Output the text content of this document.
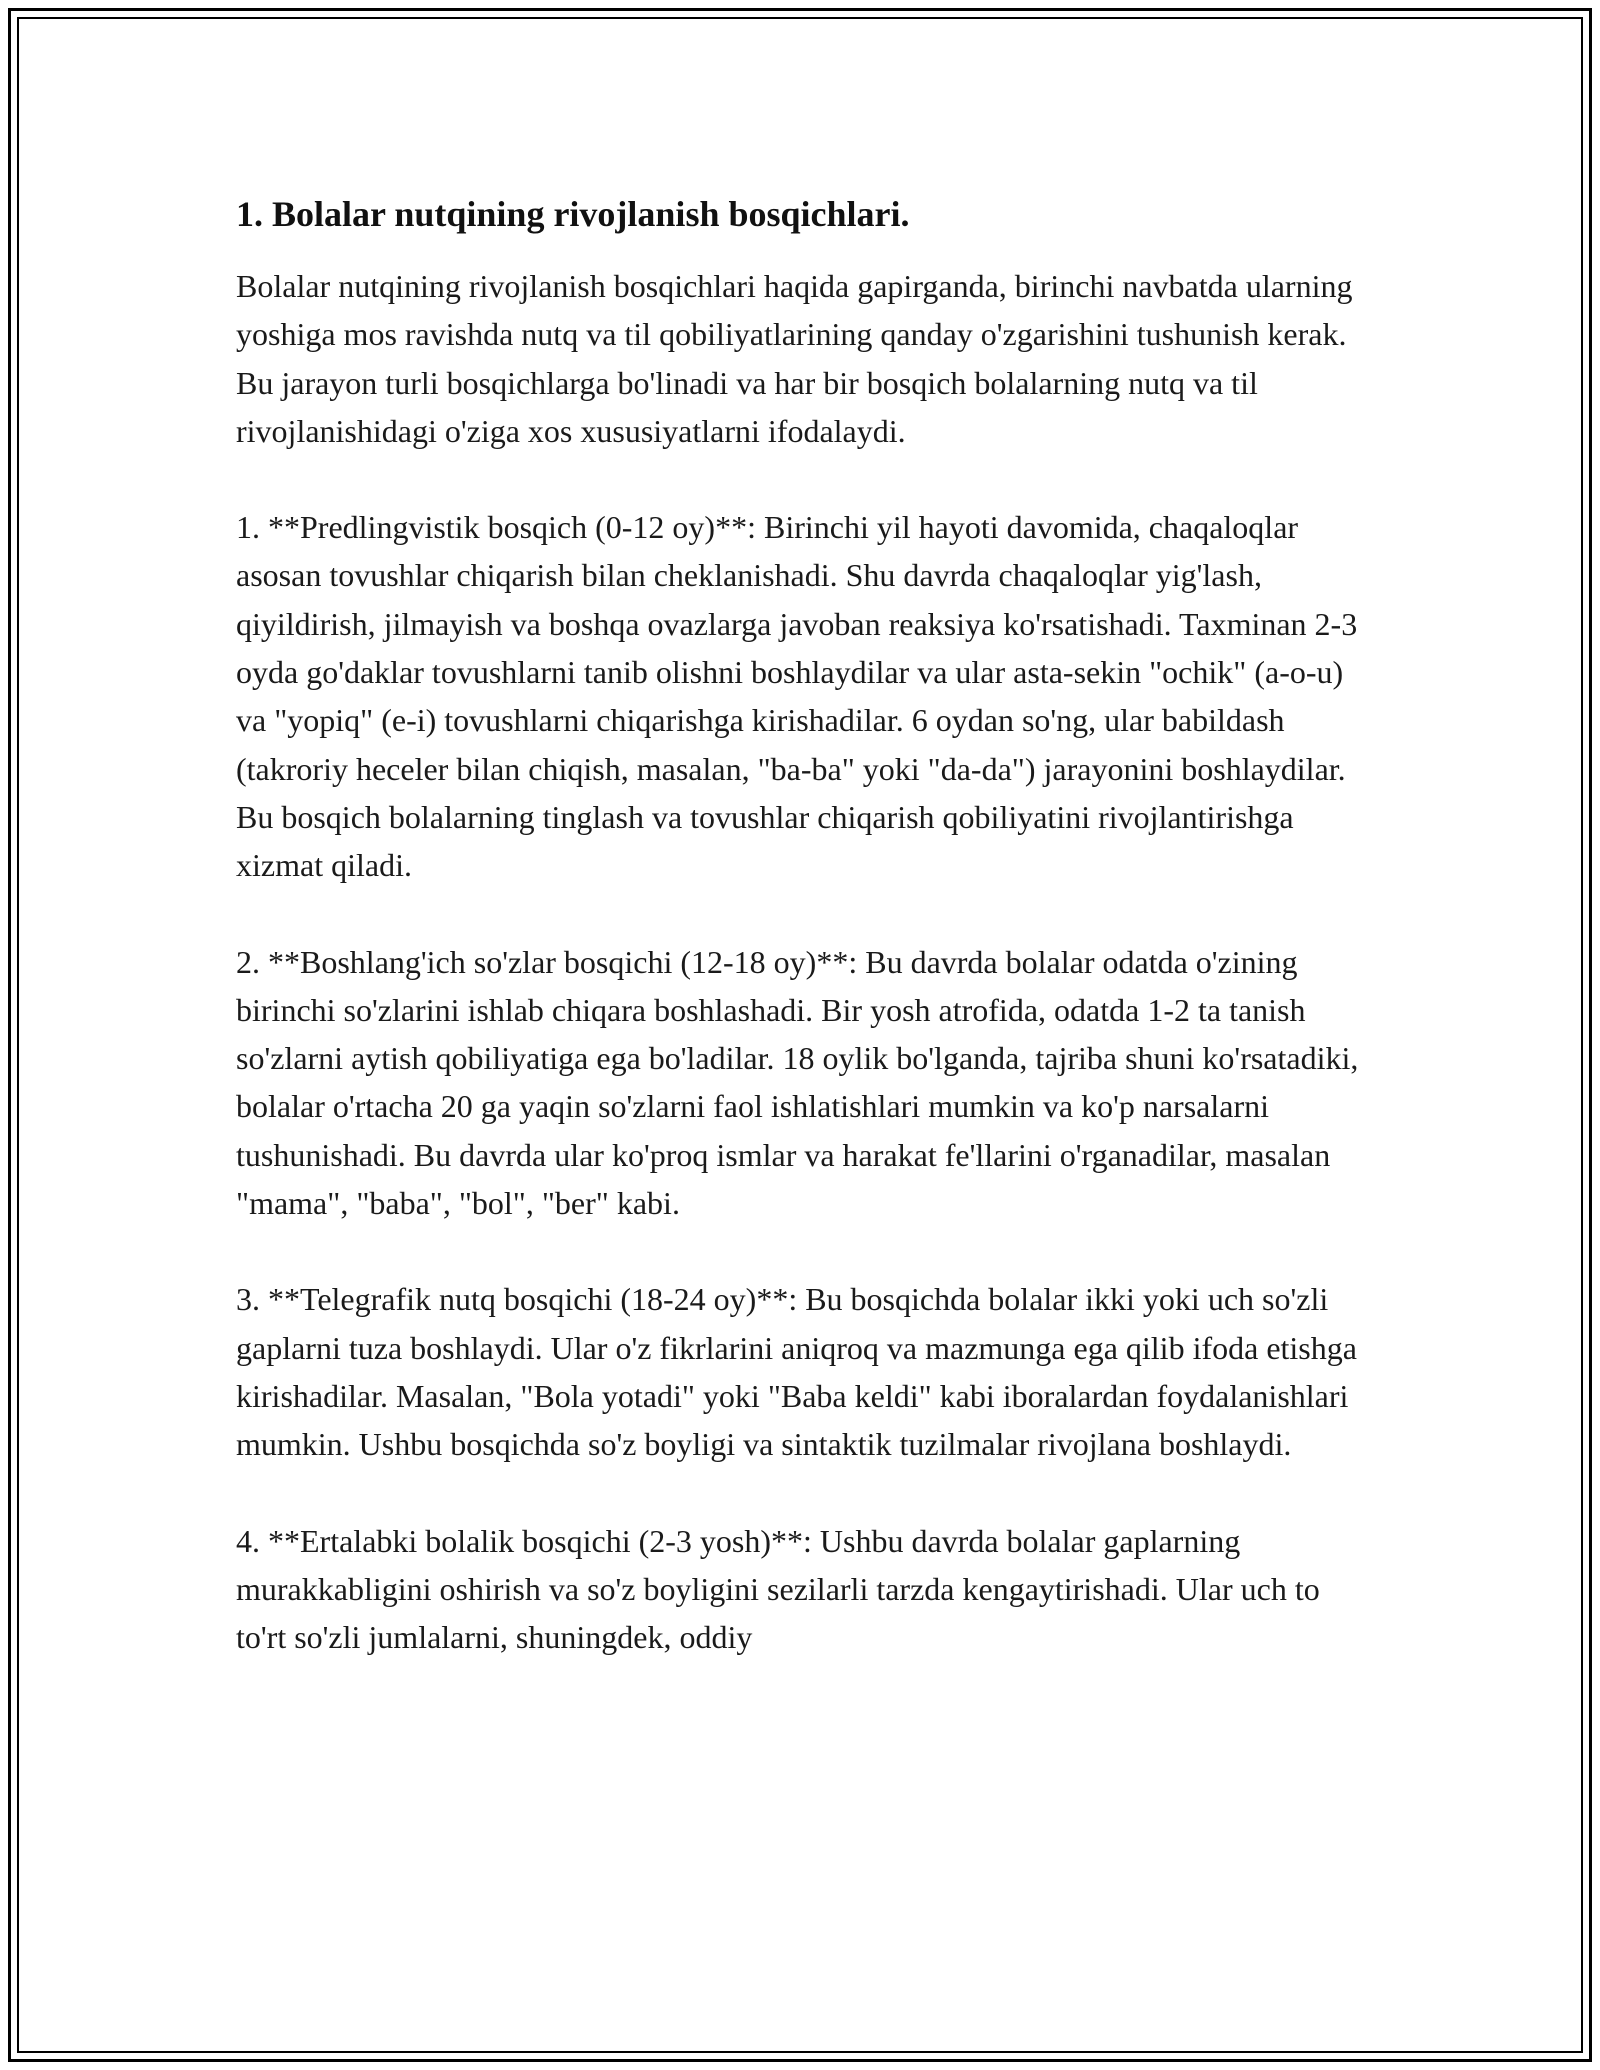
1. Bolalar nutqining rivojlanish bosqichlari.

Bolalar nutqining rivojlanish bosqichlari haqida gapirganda, birinchi navbatda ularning yoshiga mos ravishda nutq va til qobiliyatlarining qanday o'zgarishini tushunish kerak. Bu jarayon turli bosqichlarga bo'linadi va har bir bosqich bolalarning nutq va til rivojlanishidagi o'ziga xos xususiyatlarni ifodalaydi.

1. **Predlingvistik bosqich (0-12 oy)**: Birinchi yil hayoti davomida, chaqaloqlar asosan tovushlar chiqarish bilan cheklanishadi. Shu davrda chaqaloqlar yig'lash, qiyildirish, jilmayish va boshqa ovazlarga javoban reaksiya ko'rsatishadi. Taxminan 2-3 oyda go'daklar tovushlarni tanib olishni boshlaydilar va ular asta-sekin "ochik" (a-o-u) va "yopiq" (e-i) tovushlarni chiqarishga kirishadilar. 6 oydan so'ng, ular babildash (takroriy heceler bilan chiqish, masalan, "ba-ba" yoki "da-da") jarayonini boshlaydilar. Bu bosqich bolalarning tinglash va tovushlar chiqarish qobiliyatini rivojlantirishga xizmat qiladi.

2. **Boshlang'ich so'zlar bosqichi (12-18 oy)**: Bu davrda bolalar odatda o'zining birinchi so'zlarini ishlab chiqara boshlashadi. Bir yosh atrofida, odatda 1-2 ta tanish so'zlarni aytish qobiliyatiga ega bo'ladilar. 18 oylik bo'lganda, tajriba shuni ko'rsatadiki, bolalar o'rtacha 20 ga yaqin so'zlarni faol ishlatishlari mumkin va ko'p narsalarni tushunishadi. Bu davrda ular ko'proq ismlar va harakat fe'llarini o'rganadilar, masalan "mama", "baba", "bol", "ber" kabi.

3. **Telegrafik nutq bosqichi (18-24 oy)**: Bu bosqichda bolalar ikki yoki uch so'zli gaplarni tuza boshlaydi. Ular o'z fikrlarini aniqroq va mazmunga ega qilib ifoda etishga kirishadilar. Masalan, "Bola yotadi" yoki "Baba keldi" kabi iboralardan foydalanishlari mumkin. Ushbu bosqichda so'z boyligi va sintaktik tuzilmalar rivojlana boshlaydi.

4. **Ertalabki bolalik bosqichi (2-3 yosh)**: Ushbu davrda bolalar gaplarning murakkabligini oshirish va so'z boyligini sezilarli tarzda kengaytirishadi. Ular uch to to'rt so'zli jumlalarni, shuningdek, oddiy
